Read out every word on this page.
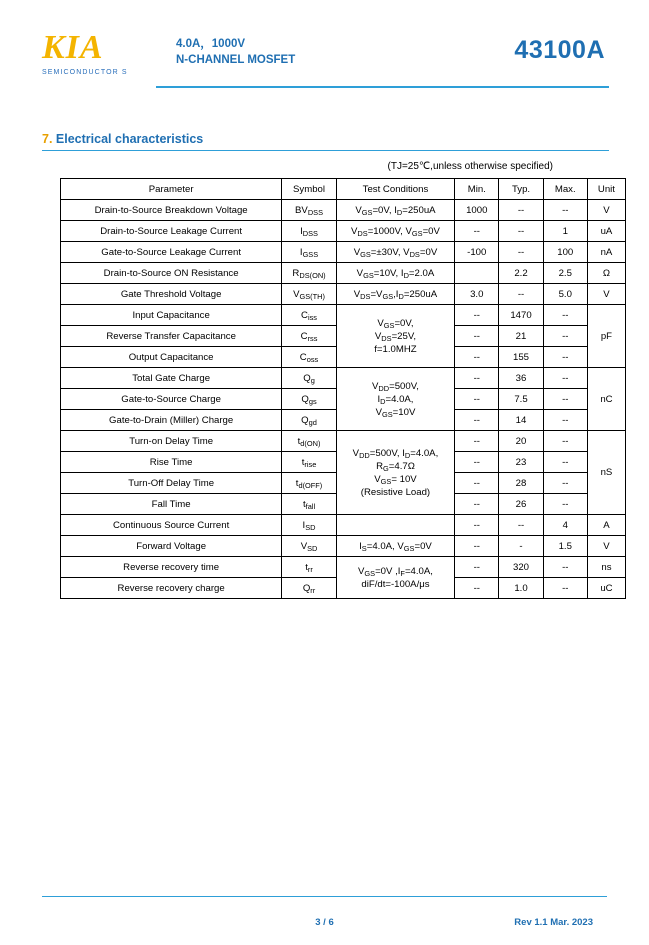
KIA
SEMICONDUCTOR S
4.0A，1000V
N-CHANNEL MOSFET	43100A
7. Electrical characteristics
(TJ=25℃,unless otherwise specified)
Parameter	Symbol	Test Conditions	Min.	Typ.	Max.	Unit
Drain-to-Source Breakdown Voltage	$BV_{DSS}$	$V_{GS}=0V$, $I_D=250uA$	1000	--	--	V
Drain-to-Source Leakage Current	$I_{DSS}$	$V_{DS}=1000V$, $V_{GS}=0V$	--	--	1	uA
Gate-to-Source Leakage Current	$I_{GSS}$	$V_{GS}=\pm 30V$, $V_{DS}=0V$	-100	--	100	nA
Drain-to-Source ON Resistance	$R_{DS(ON)}$	$V_{GS}=10V$, $I_D=2.0A$		2.2	2.5	Ω
Gate Threshold Voltage	$V_{GS(TH)}$	$V_{DS}=V_{GS},I_D=250uA$	3.0	--	5.0	V
Input Capacitance	$C_{iss}$	$V_{GS}=0V$,
$V_{DS}=25V$,
f=1.0MHZ	--	1470	--	pF
Reverse Transfer Capacitance	$C_{rss}$		--	21	--	
Output Capacitance	$C_{oss}$		--	155	--	
Total Gate Charge	$Q_g$	$V_{DD}=500V$,
$I_D=4.0A$,
$V_{GS}=10V$	--	36	--	nC
Gate-to-Source Charge	$Q_{gs}$		--	7.5	--	
Gate-to-Drain (Miller) Charge	$Q_{gd}$		--	14	--	
Turn-on Delay Time	$t_{d(ON)}$	$V_{DD}=500V$, $I_D=4.0A$,
$R_G=4.7\Omega$
$V_{GS}= 10V$
(Resistive Load)	--	20	--	nS
Rise Time	$t_{rise}$		--	23	--	
Turn-Off Delay Time	$t_{d(OFF)}$		--	28	--	
Fall Time	$t_{fall}$		--	26	--	
Continuous Source Current	$I_{SD}$		--	--	4	A
Forward Voltage	$V_{SD}$	$I_S=4.0A$, $V_{GS}=0V$	--	-	1.5	V
Reverse recovery time	$t_{rr}$	$V_{GS}=0V$ $,I_F=4.0A$,
diF/dt=-100A/μs	--	320	--	ns
Reverse recovery charge	$Q_{rr}$		--	1.0	--	uC
3 / 6	Rev 1.1 Mar. 2023
